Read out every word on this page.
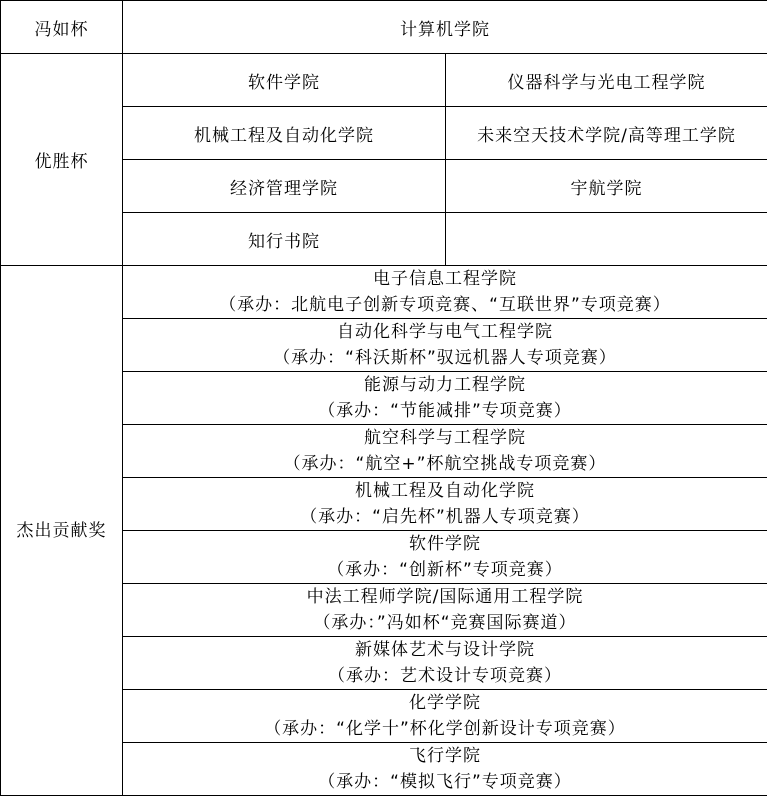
冯如杯	计算机学院	
优胜杯	软件学院	仪器科学与光电工程学院
	机械工程及自动化学院	未来空天技术学院/高等理工学院
	经济管理学院	宇航学院
	知行书院	
杰出贡献奖	电子信息工程学院
（承办：北航电子创新专项竞赛、“互联世界”专项竞赛）	

	自动化科学与电气工程学院
（承办：“科沃斯杯”驭远机器人专项竞赛）	

	能源与动力工程学院
（承办：“节能减排”专项竞赛）	

	航空科学与工程学院
（承办：“航空+”杯航空挑战专项竞赛）	

	机械工程及自动化学院
（承办：“启先杯”机器人专项竞赛）	

	软件学院
（承办：“创新杯”专项竞赛）	

	中法工程师学院/国际通用工程学院
（承办：”冯如杯“竞赛国际赛道）	

	新媒体艺术与设计学院
（承办：艺术设计专项竞赛）	

	化学学院
（承办：“化学十”杯化学创新设计专项竞赛）	

	飞行学院
（承办：“模拟飞行”专项竞赛）	
